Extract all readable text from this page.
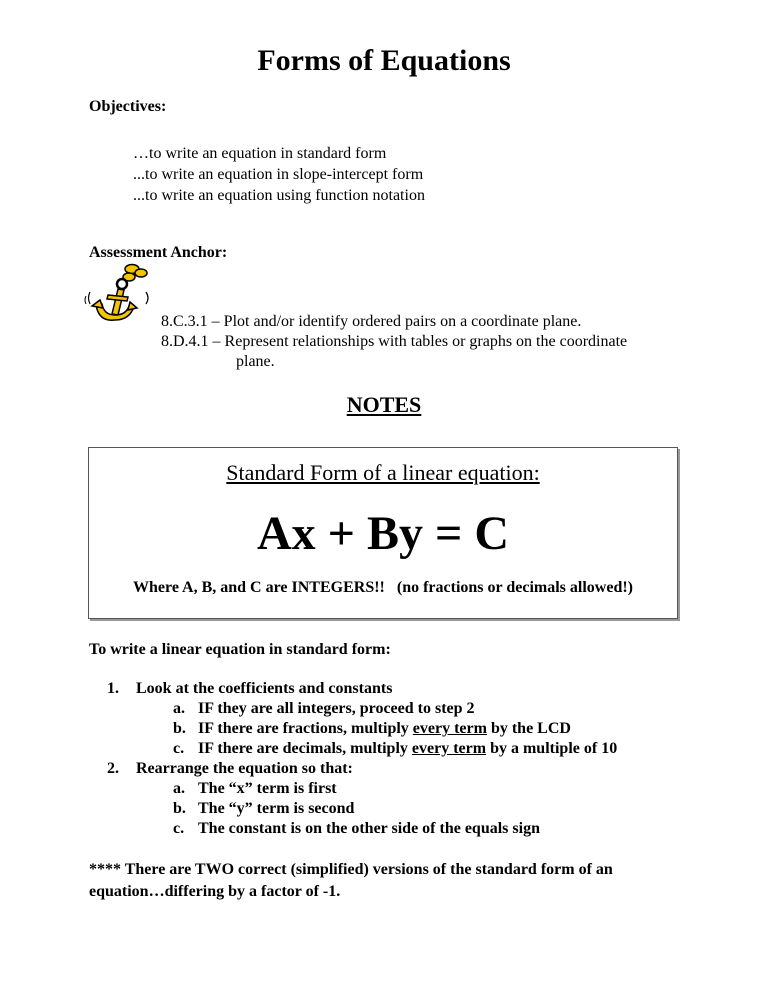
Forms of Equations
Objectives:
…to write an equation in standard form
...to write an equation in slope-intercept form
...to write an equation using function notation
Assessment Anchor:
8.C.3.1 – Plot and/or identify ordered pairs on a coordinate plane.
8.D.4.1 – Represent relationships with tables or graphs on the coordinate
plane.
NOTES
Standard Form of a linear equation:
Ax + By = C
Where A, B, and C are INTEGERS!!   (no fractions or decimals allowed!)
To write a linear equation in standard form:
1. Look at the coefficients and constants
a. IF they are all integers, proceed to step 2
b. IF there are fractions, multiply every term by the LCD
c. IF there are decimals, multiply every term by a multiple of 10
2. Rearrange the equation so that:
a. The “x” term is first
b. The “y” term is second
c. The constant is on the other side of the equals sign
**** There are TWO correct (simplified) versions of the standard form of an equation…differing by a factor of -1.
